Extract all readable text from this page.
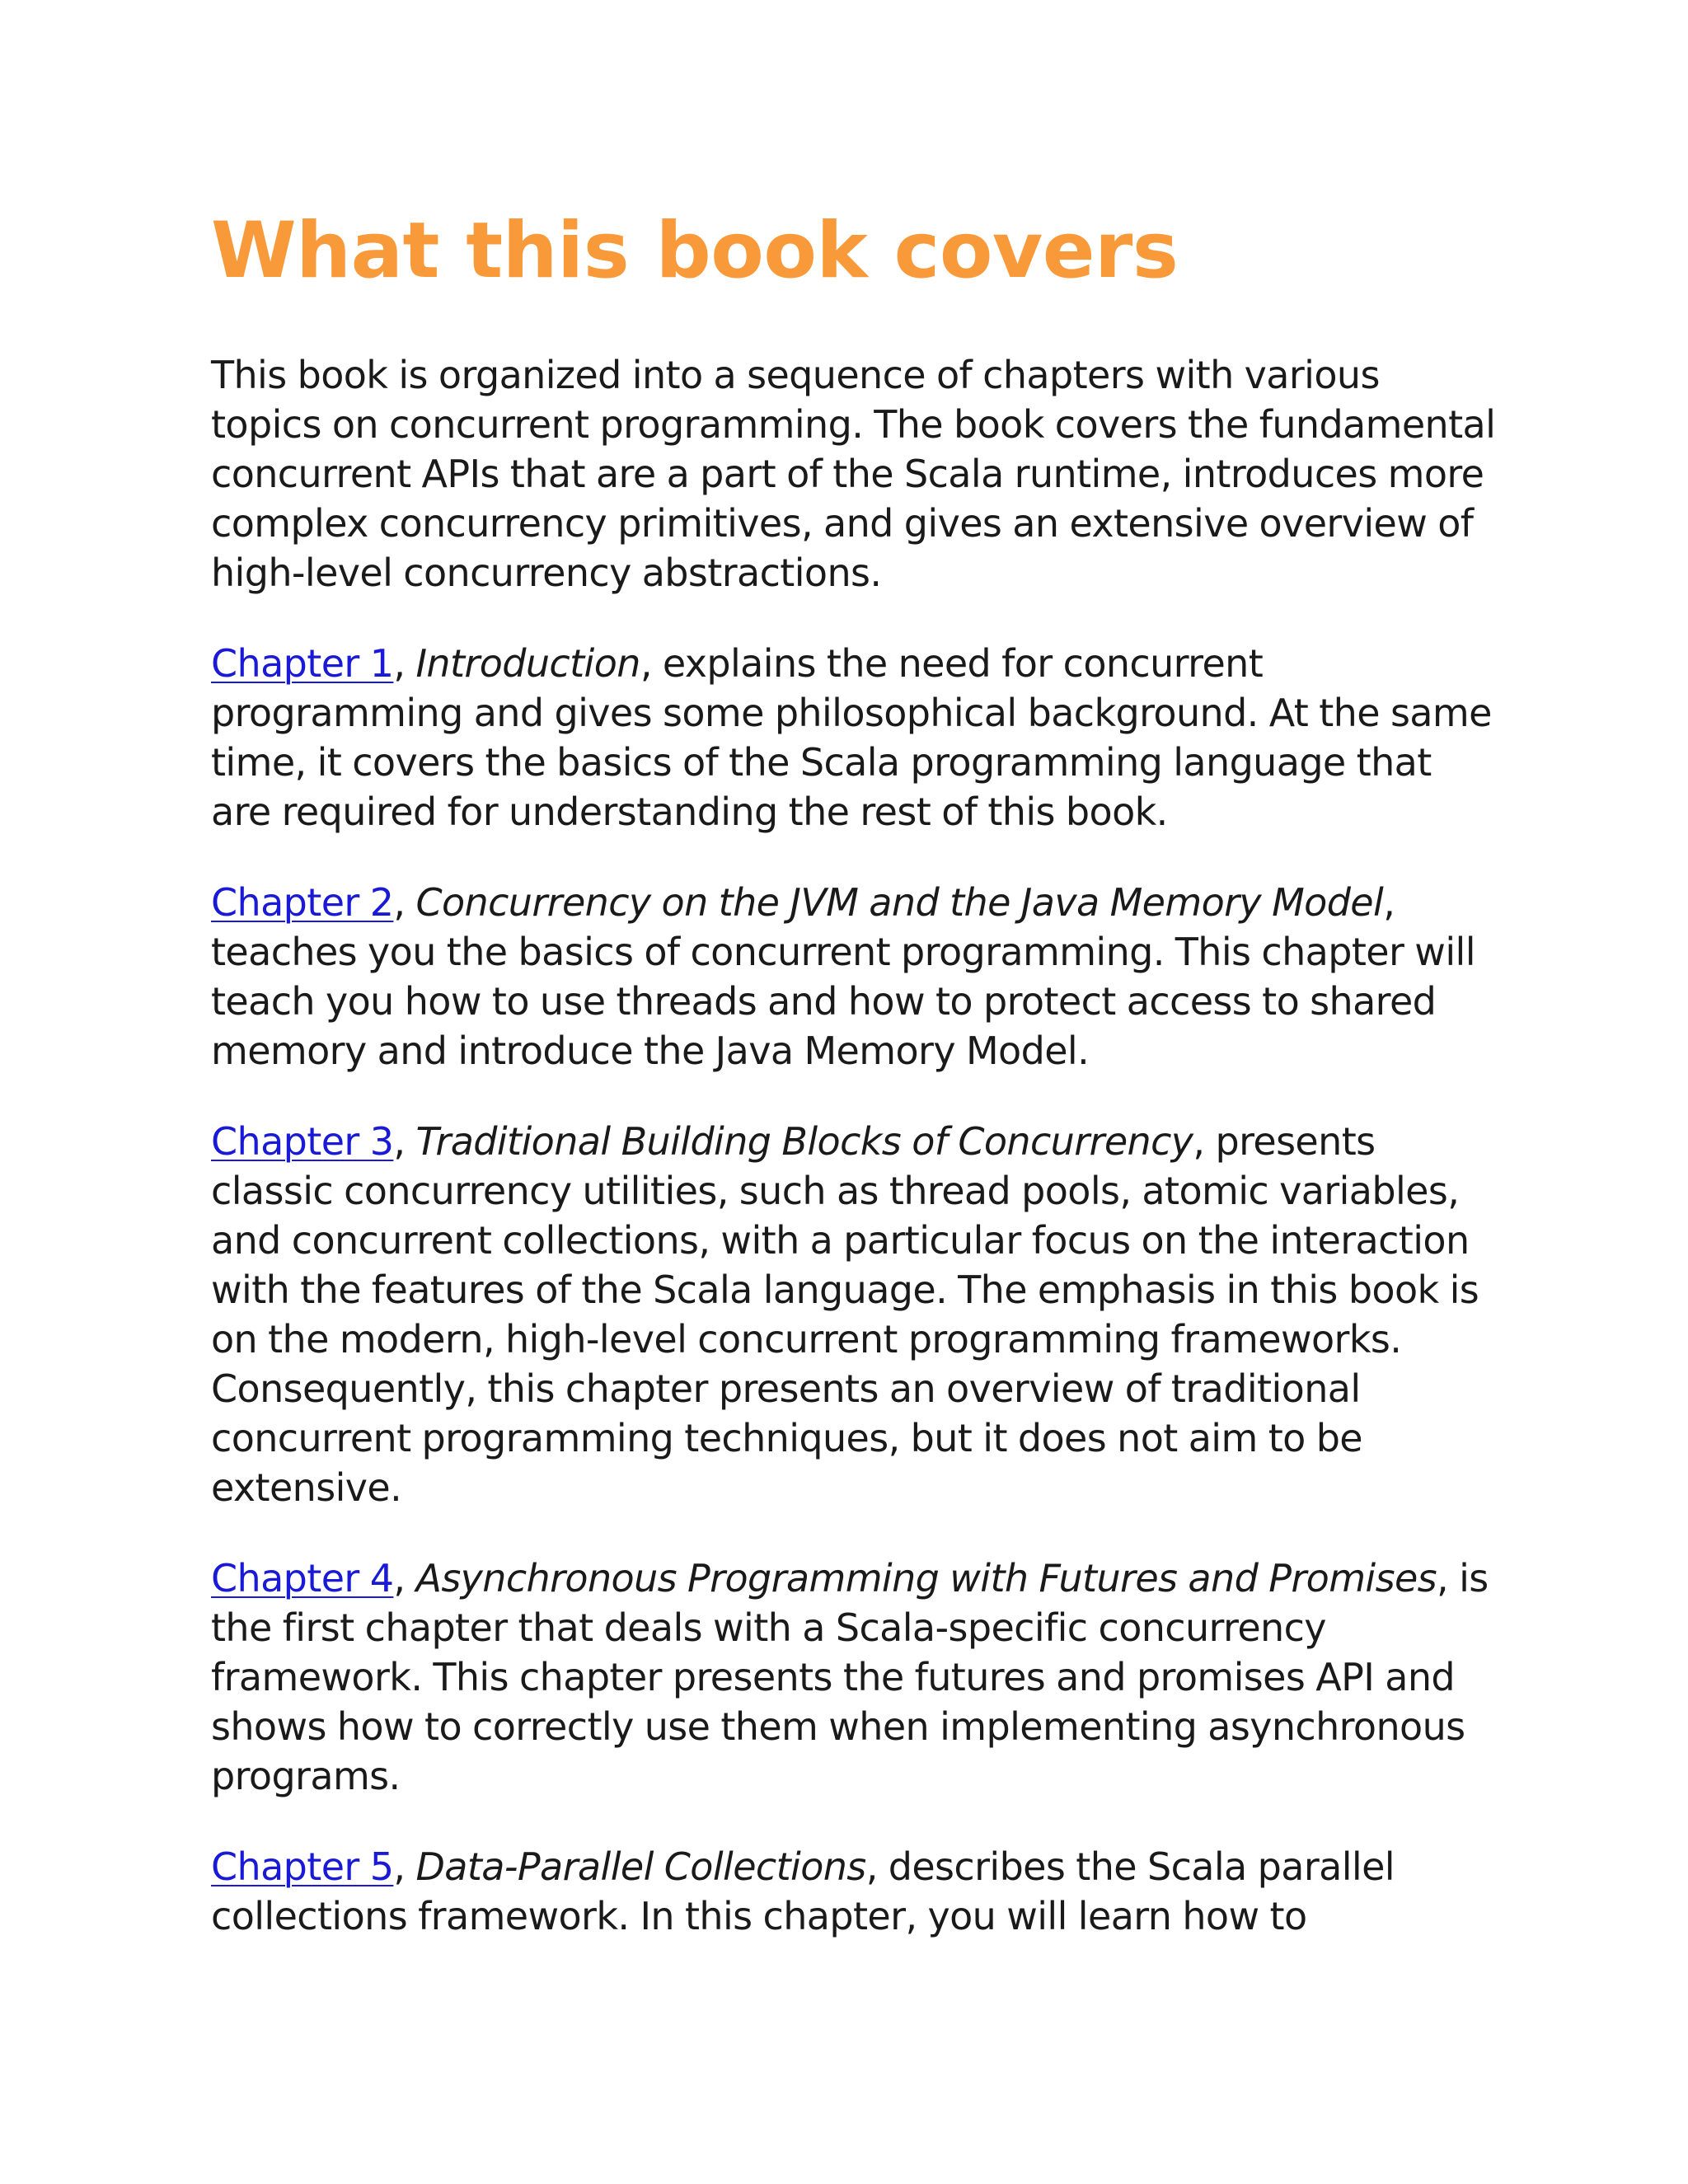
What this book covers

This book is organized into a sequence of chapters with various topics on concurrent programming. The book covers the fundamental concurrent APIs that are a part of the Scala runtime, introduces more complex concurrency primitives, and gives an extensive overview of high-level concurrency abstractions.

Chapter 1, Introduction, explains the need for concurrent programming and gives some philosophical background. At the same time, it covers the basics of the Scala programming language that are required for understanding the rest of this book.

Chapter 2, Concurrency on the JVM and the Java Memory Model, teaches you the basics of concurrent programming. This chapter will teach you how to use threads and how to protect access to shared memory and introduce the Java Memory Model.

Chapter 3, Traditional Building Blocks of Concurrency, presents classic concurrency utilities, such as thread pools, atomic variables, and concurrent collections, with a particular focus on the interaction with the features of the Scala language. The emphasis in this book is on the modern, high-level concurrent programming frameworks. Consequently, this chapter presents an overview of traditional concurrent programming techniques, but it does not aim to be extensive.

Chapter 4, Asynchronous Programming with Futures and Promises, is the first chapter that deals with a Scala-specific concurrency framework. This chapter presents the futures and promises API and shows how to correctly use them when implementing asynchronous programs.

Chapter 5, Data-Parallel Collections, describes the Scala parallel collections framework. In this chapter, you will learn how to
